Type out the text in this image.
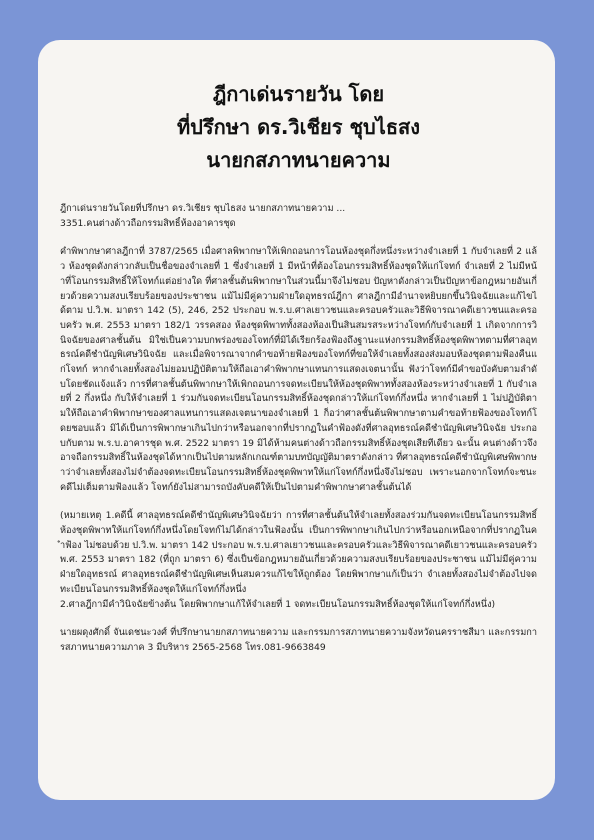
ฎีกาเด่นรายวัน โดย
ที่ปรึกษา ดร.วิเชียร ชุบไธสง
นายกสภาทนายความ
ฎีกาเด่นรายวันโดยที่ปรึกษา ดร.วิเชียร ชุบไธสง นายกสภาทนายความ ...
3351.คนต่างด้าวถือกรรมสิทธิ์ห้องอาคารชุด

คำพิพากษาศาลฎีกาที่ 3787/2565 เมื่อศาลพิพากษาให้เพิกถอนการโอนห้องชุดกึ่งหนึ่งระหว่างจำเลยที่ 1 กับจำเลยที่ 2 แล้ว ห้องชุดดังกล่าวกลับเป็นชื่อของจำเลยที่ 1 ซึ่งจำเลยที่ 1 มีหน้าที่ต้องโอนกรรมสิทธิ์ห้องชุดให้แก่โจทก์ จำเลยที่ 2 ไม่มีหน้าที่โอนกรรมสิทธิ์ให้โจทก์แต่อย่างใด ที่ศาลชั้นต้นพิพากษาในส่วนนี้มาจึงไม่ชอบ ปัญหาดังกล่าวเป็นปัญหาข้อกฎหมายอันเกี่ยวด้วยความสงบเรียบร้อยของประชาชน แม้ไม่มีคู่ความฝ่ายใดอุทธรณ์ฎีกา ศาลฎีกามีอำนาจหยิบยกขึ้นวินิจฉัยและแก้ไขได้ตาม ป.วิ.พ. มาตรา 142 (5), 246, 252 ประกอบ พ.ร.บ.ศาลเยาวชนและครอบครัวและวิธีพิจารณาคดีเยาวชนและครอบครัว พ.ศ. 2553 มาตรา 182/1 วรรคสอง ห้องชุดพิพาททั้งสองห้องเป็นสินสมรสระหว่างโจทก์กับจำเลยที่ 1 เกิดจากการวินิจฉัยของศาลชั้นต้น มิใช่เป็นความบกพร่องของโจทก์ที่มิได้เรียกร้องฟ้องถึงฐานะแห่งกรรมสิทธิ์ห้องชุดพิพาทตามที่ศาลอุทธรณ์คดีชำนัญพิเศษวินิจฉัย และเมื่อพิจารณาจากคำขอท้ายฟ้องของโจทก์ที่ขอให้จำเลยทั้งสองส่งมอบห้องชุดตามฟ้องคืนแก่โจทก์ หากจำเลยทั้งสองไม่ยอมปฏิบัติตามให้ถือเอาคำพิพากษาแทนการแสดงเจตนานั้น ฟังว่าโจทก์มีคำขอบังคับตามลำดับโดยชัดแจ้งแล้ว การที่ศาลชั้นต้นพิพากษาให้เพิกถอนการจดทะเบียนให้ห้องชุดพิพาททั้งสองห้องระหว่างจำเลยที่ 1 กับจำเลยที่ 2 กึ่งหนึ่ง กับให้จำเลยที่ 1 ร่วมกันจดทะเบียนโอนกรรมสิทธิ์ห้องชุดกล่าวให้แก่โจทก์กึ่งหนึ่ง หากจำเลยที่ 1 ไม่ปฏิบัติตามให้ถือเอาคำพิพากษาของศาลแทนการแสดงเจตนาของจำเลยที่ 1 ก็อว่าศาลชั้นต้นพิพากษาตามคำขอท้ายฟ้องของโจทก์โดยชอบแล้ว มิได้เป็นการพิพากษาเกินไปกว่าหรือนอกจากที่ปรากฏในคำฟ้องดังที่ศาลอุทธรณ์คดีชำนัญพิเศษวินิจฉัย ประกอบกับตาม พ.ร.บ.อาคารชุด พ.ศ. 2522 มาตรา 19 มิได้ห้ามคนต่างด้าวถือกรรมสิทธิ์ห้องชุดเสียทีเดียว ฉะนั้น คนต่างด้าวจึงอาจถือกรรมสิทธิ์ในห้องชุดได้หากเป็นไปตามหลักเกณฑ์ตามบทบัญญัติมาตราดังกล่าว ที่ศาลอุทธรณ์คดีชำนัญพิเศษพิพากษาว่าจำเลยทั้งสองไม่จำต้องจดทะเบียนโอนกรรมสิทธิ์ห้องชุดพิพาทให้แก่โจทก์กึ่งหนึ่งจึงไม่ชอบ เพราะนอกจากโจทก์จะชนะคดีไม่เต็มตามฟ้องแล้ว โจทก์ยังไม่สามารถบังคับคดีให้เป็นไปตามคำพิพากษาศาลชั้นต้นได้

(หมายเหตุ 1.คดีนี้ ศาลอุทธรณ์คดีชำนัญพิเศษวินิจฉัยว่า การที่ศาลชั้นต้นให้จำเลยทั้งสองร่วมกันจดทะเบียนโอนกรรมสิทธิ์ห้องชุดพิพาทให้แก่โจทก์กึ่งหนึ่งโดยโจทก์ไม่ได้กล่าวในฟ้องนั้น เป็นการพิพากษาเกินไปกว่าหรือนอกเหนือจากที่ปรากฏในคำฟ้อง ไม่ชอบด้วย ป.วิ.พ. มาตรา 142 ประกอบ พ.ร.บ.ศาลเยาวชนและครอบครัวและวิธีพิจารณาคดีเยาวชนและครอบครัว พ.ศ. 2553 มาตรา 182 (ที่ถูก มาตรา 6) ซึ่งเป็นข้อกฎหมายอันเกี่ยวด้วยความสงบเรียบร้อยของประชาชน แม้ไม่มีคู่ความฝ่ายใดอุทธรณ์ ศาลอุทธรณ์คดีชำนัญพิเศษเห็นสมควรแก้ไขให้ถูกต้อง โดยพิพากษาแก้เป็นว่า จำเลยทั้งสองไม่จำต้องไปจดทะเบียนโอนกรรมสิทธิ์ห้องชุดให้แก่โจทก์กึ่งหนึ่ง

2.ศาลฎีกามีคำวินิจฉัยข้างต้น โดยพิพากษาแก้ให้จำเลยที่ 1 จดทะเบียนโอนกรรมสิทธิ์ห้องชุดให้แก่โจทก์กึ่งหนึ่ง)

นายผดุงศักดิ์ จันเดชนะวงศ์ ที่ปรึกษานายกสภาทนายความ และกรรมการสภาทนายความจังหวัดนครราชสีมา และกรรมการสภาทนายความภาค 3 มีบริหาร 2565-2568 โทร.081-9663849
